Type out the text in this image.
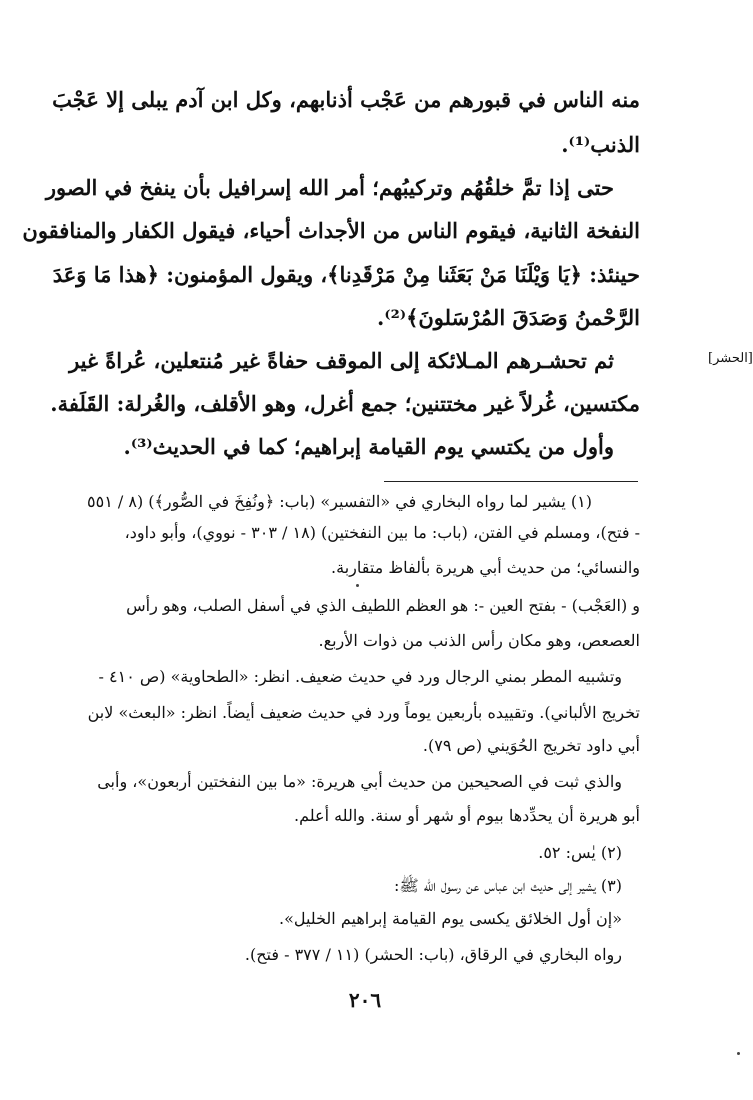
منه الناس في قبورهم من عَجْب أذنابهم، وكل ابن آدم يبلى إلا عَجْبَ
الذنب⁽¹⁾.
حتى إذا تمَّ خلقُهُم وتركيبُهم؛ أمر الله إسرافيل بأن ينفخ في الصور
النفخة الثانية، فيقوم الناس من الأجداث أحياء، فيقول الكفار والمنافقون
حينئذ: ﴿يَا وَيْلَنَا مَنْ بَعَثَنا مِنْ مَرْقَدِنا﴾، ويقول المؤمنون: ﴿هذا مَا وَعَدَ
الرَّحْمنُ وَصَدَقَ المُرْسَلونَ﴾⁽²⁾.
[الحشر]
ثم تحشـرهم المـلائكة إلى الموقف حفاةً غير مُنتعلين، عُراةً غير
مكتسين، غُرلاً غير مختتنين؛ جمع أغرل، وهو الأقلف، والغُرلة: القَلَفة.
وأول من يكتسي يوم القيامة إبراهيم؛ كما في الحديث⁽³⁾.
(١) يشير لما رواه البخاري في «التفسير» (باب: ﴿ونُفِخَ في الصُّور﴾) (٨ / ٥٥١
- فتح)، ومسلم في الفتن، (باب: ما بين النفختين) (١٨ / ٣٠٣ - نووي)، وأبو داود،
والنسائي؛ من حديث أبي هريرة بألفاظ متقاربة.
و (العَجْب) - بفتح العين -: هو العظم اللطيف الذي في أسفل الصلب، وهو رأس
العصعص، وهو مكان رأس الذنب من ذوات الأربع.
وتشبيه المطر بمني الرجال ورد في حديث ضعيف. انظر: «الطحاوية» (ص ٤١٠ -
تخريج الألباني). وتقييده بأربعين يوماً ورد في حديث ضعيف أيضاً. انظر: «البعث» لابن
أبي داود تخريج الحُوَيني (ص ٧٩).
والذي ثبت في الصحيحين من حديث أبي هريرة: «ما بين النفختين أربعون»، وأبى
أبو هريرة أن يحدِّدها بيوم أو شهر أو سنة. والله أعلم.
(٢) يٰس: ٥٢.
(٣) يشير إلى حديث ابن عباس عن رسول الله ﷺ:
«إن أول الخلائق يكسى يوم القيامة إبراهيم الخليل».
رواه البخاري في الرقاق، (باب: الحشر) (١١ / ٣٧٧ - فتح).
٢٠٦
